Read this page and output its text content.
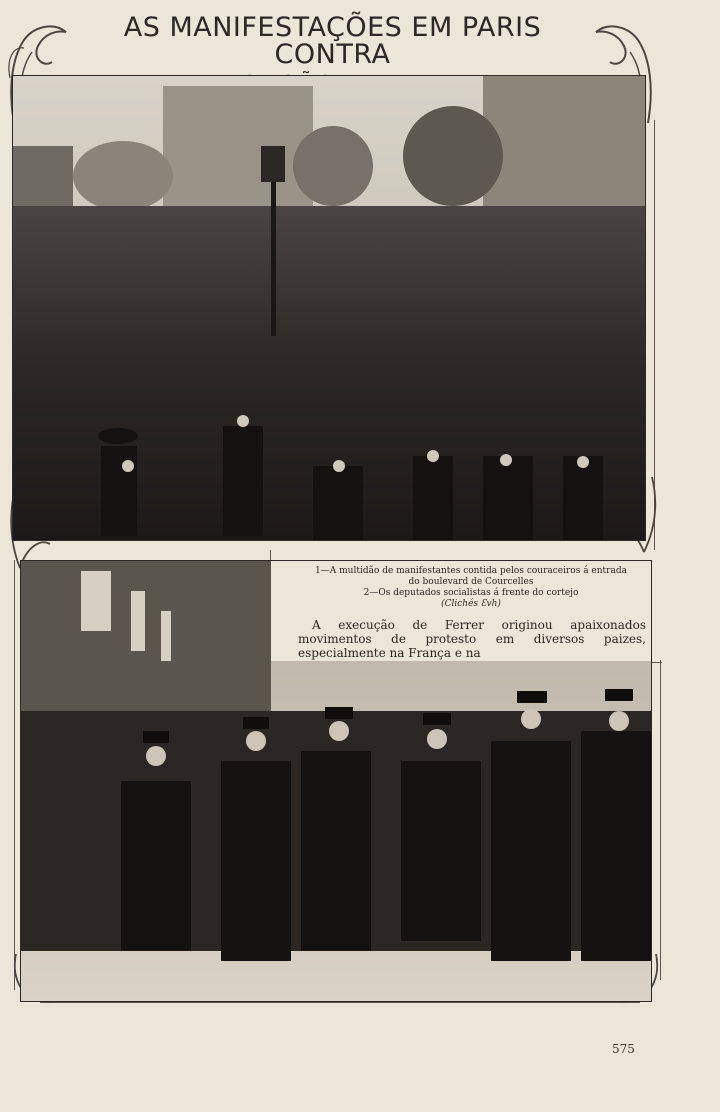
AS MANIFESTAÇÕES EM PARIS CONTRA
1—A multidão de manifestantes contida pelos couraceiros á entrada
do boulevard de Courcelles
2—Os deputados socialistas á frente do cortejo
(Clichés Ɛvh)
A execução de Ferrer originou apaixonados movimentos de protesto em diversos paizes, especialmente na França e na
575
